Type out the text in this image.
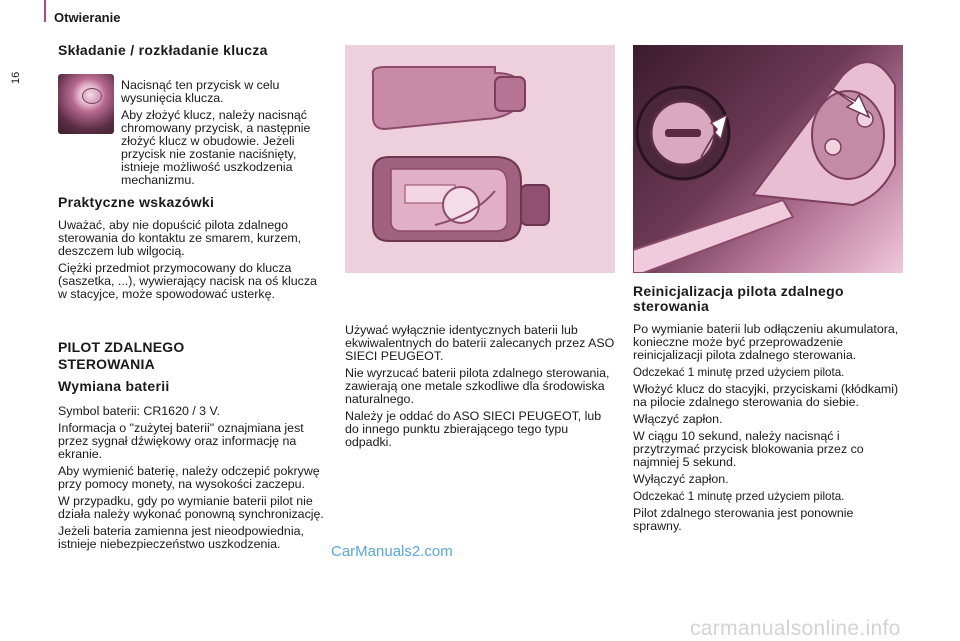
Otwieranie
16
Składanie / rozkładanie klucza

Nacisnąć ten przycisk w celu wysunięcia klucza.

Aby złożyć klucz, należy nacisnąć chromowany przycisk, a następnie złożyć klucz w obudowie. Jeżeli przycisk nie zostanie naciśnięty, istnieje możliwość uszkodzenia mechanizmu.

Praktyczne wskazówki

Uważać, aby nie dopuścić pilota zdalnego sterowania do kontaktu ze smarem, kurzem, deszczem lub wilgocią.

Ciężki przedmiot przymocowany do klucza (saszetka, ...), wywierający nacisk na oś klucza w stacyjce, może spowodować usterkę.

PILOT ZDALNEGO STEROWANIA
Wymiana baterii

Symbol baterii: CR1620 / 3 V.

Informacja o "zużytej baterii" oznajmiana jest przez sygnał dźwiękowy oraz informację na ekranie.

Aby wymienić baterię, należy odczepić pokrywę przy pomocy monety, na wysokości zaczepu.

W przypadku, gdy po wymianie baterii pilot nie działa należy wykonać ponowną synchronizację.

Jeżeli bateria zamienna jest nieodpowiednia, istnieje niebezpieczeństwo uszkodzenia.

Używać wyłącznie identycznych baterii lub ekwiwalentnych do baterii zalecanych przez ASO SIECI PEUGEOT.

Nie wyrzucać baterii pilota zdalnego sterowania, zawierają one metale szkodliwe dla środowiska naturalnego.

Należy je oddać do ASO SIECI PEUGEOT, lub do innego punktu zbierającego tego typu odpadki.

Reinicjalizacja pilota zdalnego sterowania

Po wymianie baterii lub odłączeniu akumulatora, konieczne może być przeprowadzenie reinicjalizacji pilota zdalnego sterowania.

Odczekać 1 minutę przed użyciem pilota.

Włożyć klucz do stacyjki, przyciskami (kłódkami) na pilocie zdalnego sterowania do siebie.

Włączyć zapłon.

W ciągu 10 sekund, należy nacisnąć i przytrzymać przycisk blokowania przez co najmniej 5 sekund.

Wyłączyć zapłon.

Odczekać 1 minutę przed użyciem pilota.

Pilot zdalnego sterowania jest ponownie sprawny.

CarManuals2.com
carmanualsonline.info
